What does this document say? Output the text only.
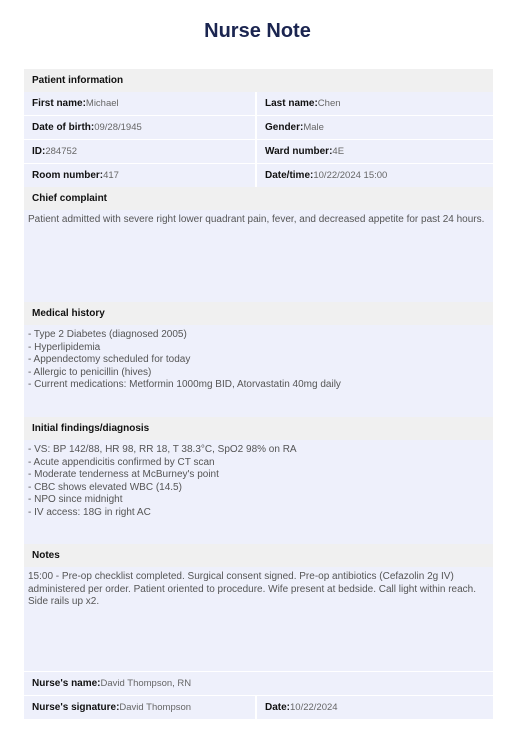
Nurse Note
Patient information
First name:Michael	Last name:Chen
Date of birth:09/28/1945	Gender:Male
ID:284752	Ward number:4E
Room number:417	Date/time:10/22/2024 15:00
Chief complaint
Patient admitted with severe right lower quadrant pain, fever, and decreased appetite for past 24 hours.
Medical history
- Type 2 Diabetes (diagnosed 2005)
- Hyperlipidemia
- Appendectomy scheduled for today
- Allergic to penicillin (hives)
- Current medications: Metformin 1000mg BID, Atorvastatin 40mg daily
Initial findings/diagnosis
- VS: BP 142/88, HR 98, RR 18, T 38.3°C, SpO2 98% on RA
- Acute appendicitis confirmed by CT scan
- Moderate tenderness at McBurney's point
- CBC shows elevated WBC (14.5)
- NPO since midnight
- IV access: 18G in right AC
Notes
15:00 - Pre-op checklist completed. Surgical consent signed. Pre-op antibiotics (Cefazolin 2g IV) administered per order. Patient oriented to procedure. Wife present at bedside. Call light within reach. Side rails up x2.
Nurse's name:David Thompson, RN
Nurse's signature:David Thompson	Date:10/22/2024
